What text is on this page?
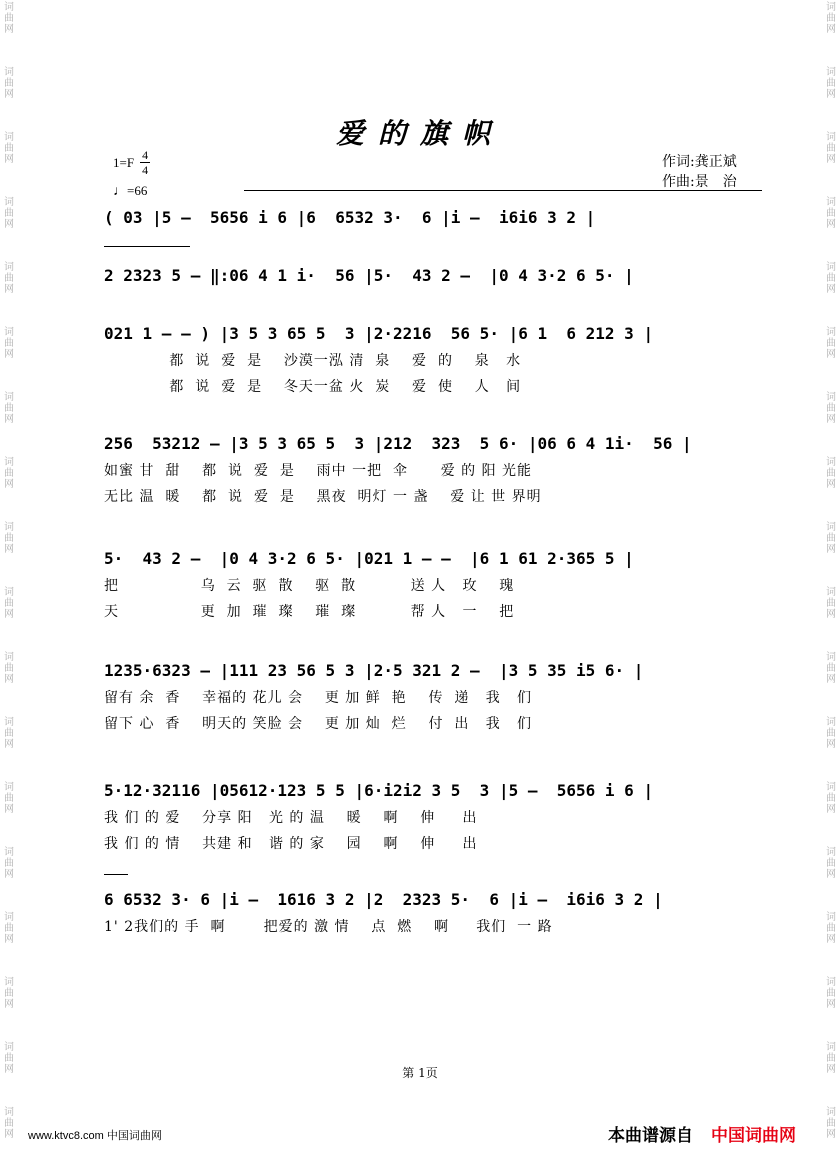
词曲网
词曲网
词曲网
词曲网
词曲网
词曲网
词曲网
词曲网
词曲网
词曲网
词曲网
词曲网
词曲网
词曲网
词曲网
词曲网
词曲网
词曲网
词曲网
词曲网
词曲网
词曲网
词曲网
词曲网
词曲网
词曲网
词曲网
词曲网
词曲网
词曲网
词曲网
词曲网
词曲网
词曲网
词曲网
词曲网
爱的旗帜
1=F 4
4
♩=66
作词:龚正斌
作曲:景　治
( 03 |5 –  5656 i 6 |6  6532 3·  6 |i –  i6i6 3 2 |
2 2323 5 – ‖:06 4 1 i·  56 |5·  43 2 –  |0 4 3·2 6 5· |
021 1 – – ) |3 5 3 65 5  3 |2·2216  56 5· |6 1  6 212 3 |
都  说  爱  是    沙漠一泓 清  泉    爱  的    泉   水
都  说  爱  是    冬天一盆 火  炭    爱  使    人   间
256  53212 – |3 5 3 65 5  3 |212  323  5 6· |06 6 4 1i·  56 |
如蜜 甘  甜    都  说  爱  是    雨中 一把  伞      爱 的 阳 光能
无比 温  暖    都  说  爱  是    黑夜  明灯 一 盏    爱 让 世 界明
5·  43 2 –  |0 4 3·2 6 5· |021 1 – –  |6 1 61 2·365 5 |
把               乌  云  驱  散    驱  散          送 人   玫    瑰
天               更  加  璀  璨    璀  璨          帮 人   一    把
1235·6323 – |111 23 56 5 3 |2·5 321 2 –  |3 5 35 i5 6· |
留有 余  香    幸福的 花儿 会    更 加 鲜  艳    传  递   我   们
留下 心  香    明天的 笑脸 会    更 加 灿  烂    付  出   我   们
5·12·32116 |05612·123 5 5 |6·i2i2 3 5  3 |5 –  5656 i 6 |
我 们 的 爱    分享 阳   光 的 温    暖    啊    伸     出
我 们 的 情    共建 和   谐 的 家    园    啊    伸     出
6 6532 3· 6 |i –  1616 3 2 |2  2323 5·  6 |i –  i6i6 3 2 |
1' 2我们的 手  啊       把爱的 激 情    点  燃    啊     我们  一 路
第 1页
www.ktvc8.com 中国词曲网	本曲谱源自 中国词曲网
